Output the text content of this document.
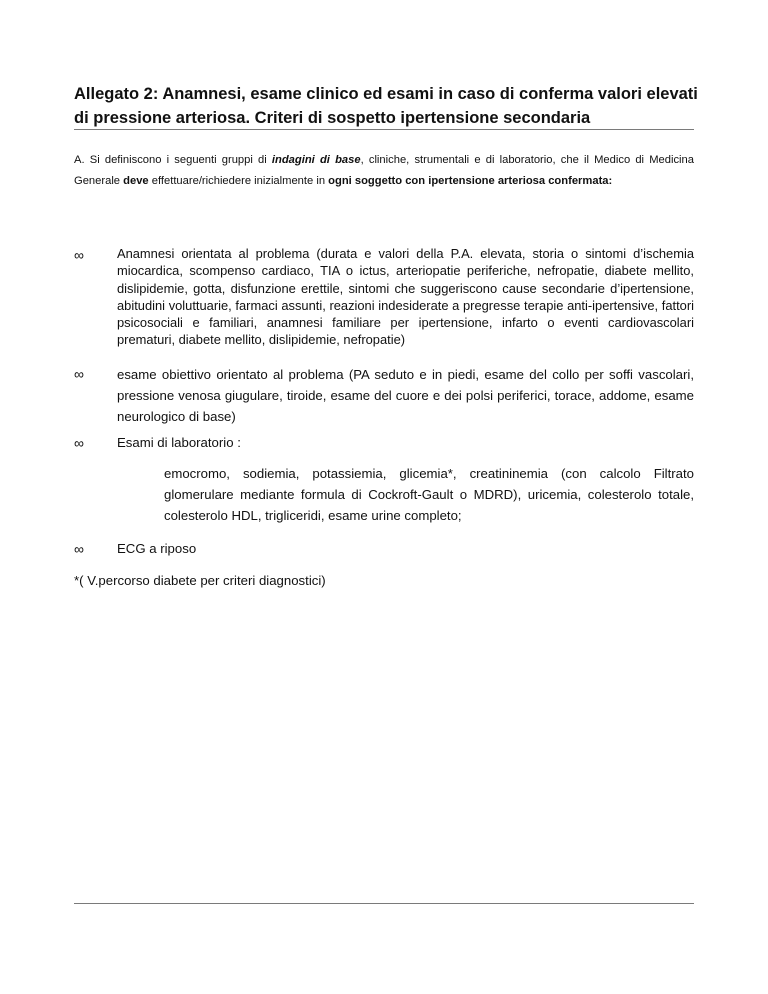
Allegato 2: Anamnesi, esame clinico ed esami in caso di conferma valori elevati di pressione arteriosa. Criteri di sospetto ipertensione secondaria

A. Si definiscono i seguenti gruppi di indagini di base, cliniche, strumentali e di laboratorio, che il Medico di Medicina Generale deve effettuare/richiedere inizialmente in ogni soggetto con ipertensione arteriosa confermata:

∞	Anamnesi orientata al problema (durata e valori della P.A. elevata, storia o sintomi d’ischemia miocardica, scompenso cardiaco, TIA o ictus, arteriopatie periferiche, nefropatie, diabete mellito, dislipidemie, gotta, disfunzione erettile, sintomi che suggeriscono cause secondarie d’ipertensione, abitudini voluttuarie, farmaci assunti, reazioni indesiderate a pregresse terapie anti-ipertensive, fattori psicosociali e familiari, anamnesi familiare per ipertensione, infarto o eventi cardiovascolari prematuri, diabete mellito, dislipidemie, nefropatie)
∞	esame obiettivo orientato al problema (PA seduto e in piedi, esame del collo per soffi vascolari, pressione venosa giugulare, tiroide, esame del cuore e dei polsi periferici, torace, addome, esame neurologico di base)
∞	Esami di laboratorio :

emocromo, sodiemia, potassiemia, glicemia*, creatininemia (con calcolo Filtrato glomerulare mediante formula di Cockroft-Gault o MDRD), uricemia, colesterolo totale, colesterolo HDL, trigliceridi, esame urine completo;

∞	ECG a riposo

*( V.percorso diabete per criteri diagnostici)
